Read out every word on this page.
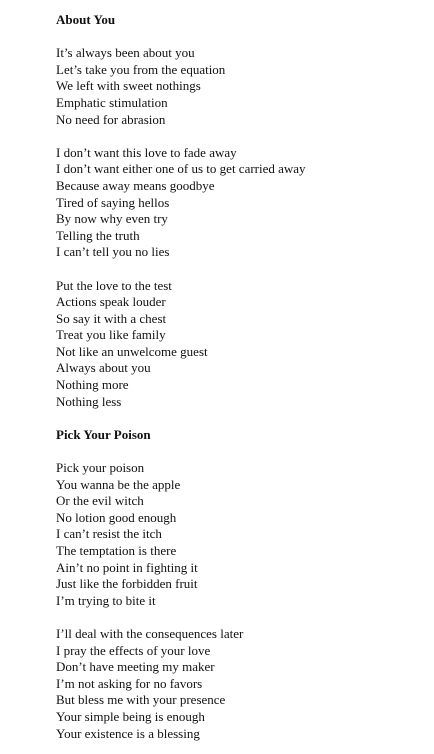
About You
It’s always been about you
Let’s take you from the equation
We left with sweet nothings
Emphatic stimulation
No need for abrasion
I don’t want this love to fade away
I don’t want either one of us to get carried away
Because away means goodbye
Tired of saying hellos
By now why even try
Telling the truth
I can’t tell you no lies
Put the love to the test
Actions speak louder
So say it with a chest
Treat you like family
Not like an unwelcome guest
Always about you
Nothing more
Nothing less
Pick Your Poison
Pick your poison
You wanna be the apple
Or the evil witch
No lotion good enough
I can’t resist the itch
The temptation is there
Ain’t no point in fighting it
Just like the forbidden fruit
I’m trying to bite it
I’ll deal with the consequences later
I pray the effects of your love
Don’t have meeting my maker
I’m not asking for no favors
But bless me with your presence
Your simple being is enough
Your existence is a blessing
